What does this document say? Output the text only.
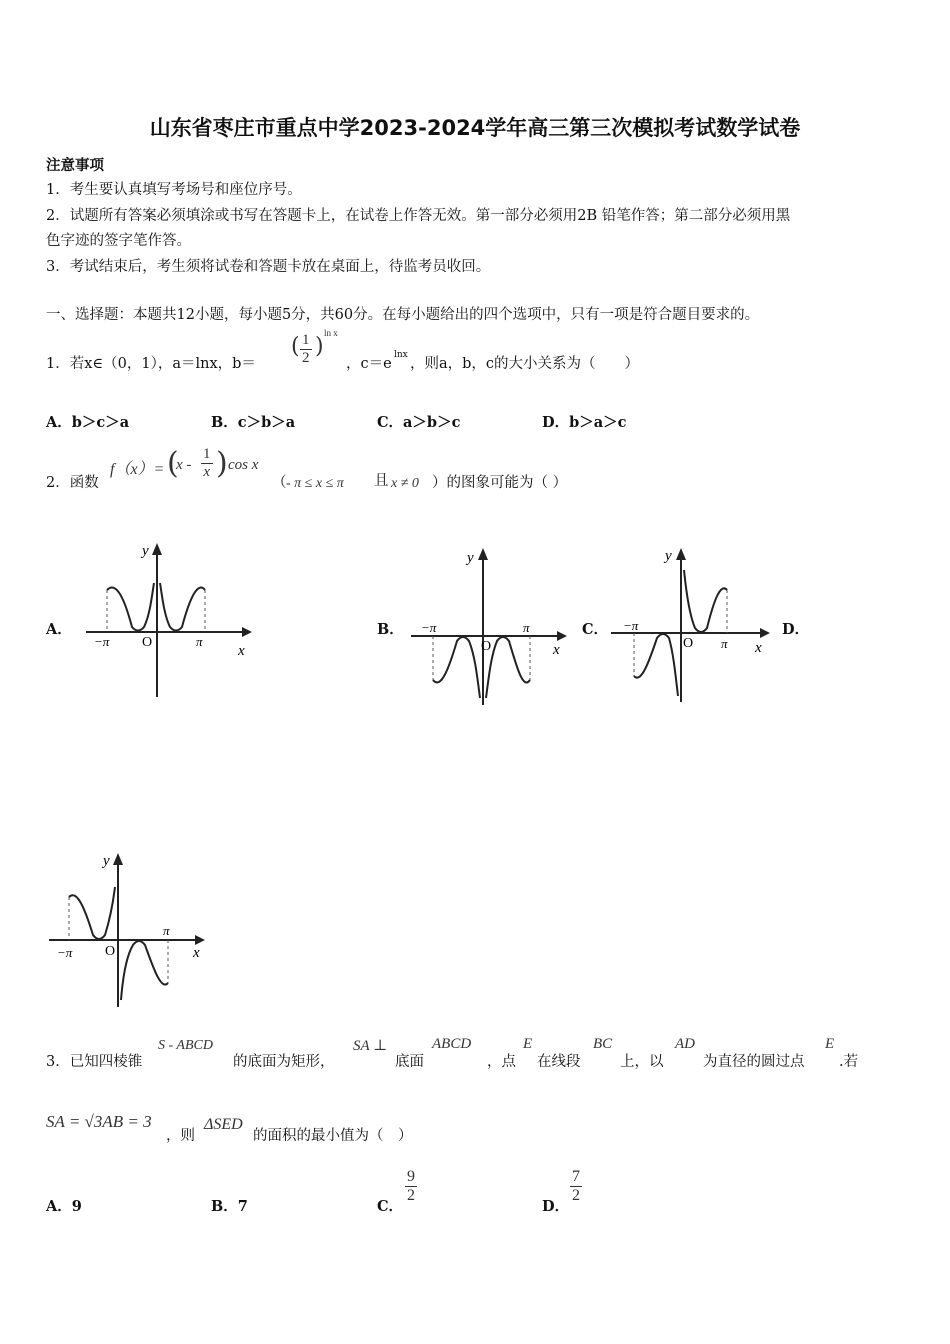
山东省枣庄市重点中学2023-2024学年高三第三次模拟考试数学试卷
注意事项
1．考生要认真填写考场号和座位序号。
2．试题所有答案必须填涂或书写在答题卡上，在试卷上作答无效。第一部分必须用2B 铅笔作答；第二部分必须用黑
色字迹的签字笔作答。
3．考试结束后，考生须将试卷和答题卡放在桌面上，待监考员收回。
一、选择题：本题共12小题，每小题5分，共60分。在每小题给出的四个选项中，只有一项是符合题目要求的。
1．若x∈（0，1），a＝lnx，b＝
( $\frac{1}{2}$ )
ln x
，c＝e
lnx
，则a，b，c的大小关系为（　　）
A．b＞c＞a	B．c＞b＞a	C．a＞b＞c	D．b＞a＞c
2．函数
f（x）= (
x - $\frac{1}{x}$ ) cos x
（ - π ≤ x ≤ π 且 x ≠ 0 ）的图象可能为（ ）
A．	B．	C．	D．
y
x
O
−π	π
y
x
O
−π	π
y
x
O
−π
π
y
x
O
−π
π
3．已知四棱锥
S - ABCD
的底面为矩形，
SA ⊥
底面
ABCD
，点
E
在线段
BC
上，以
AD
为直径的圆过点
E
.若
SA = √3AB = 3
，则
ΔSED
的面积的最小值为（　）
A．9	B．7	C．
$\frac{9}{2}$
D．
$\frac{7}{2}$
